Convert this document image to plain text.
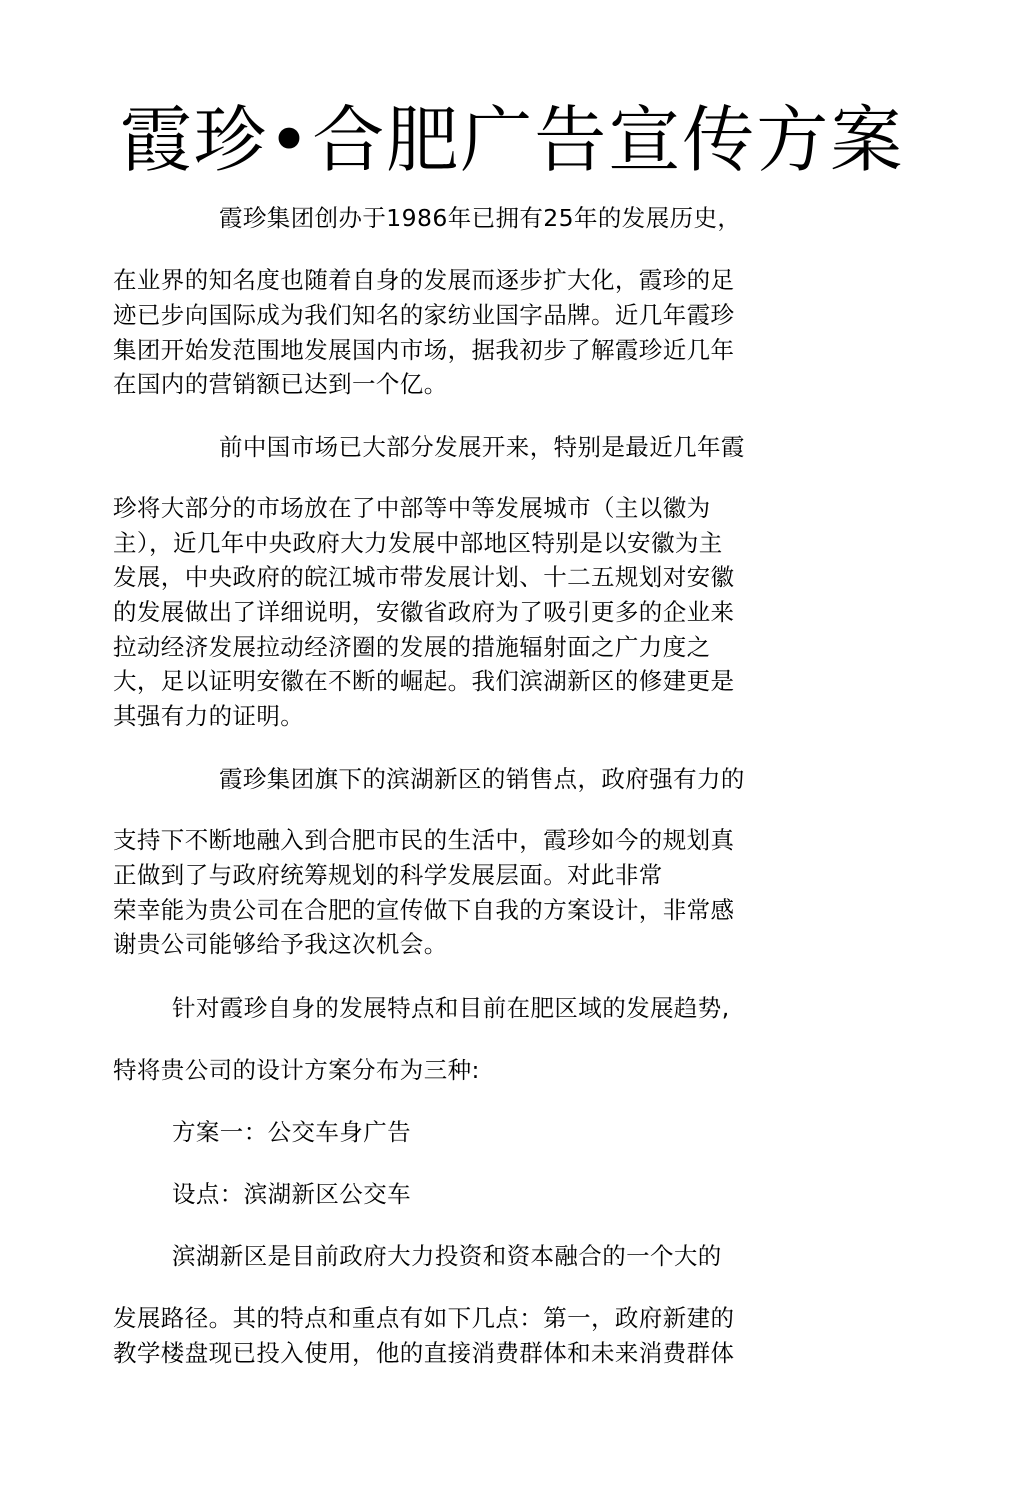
霞珍•合肥广告宣传方案
霞珍集团创办于1986年已拥有25年的发展历史，
在业界的知名度也随着自身的发展而逐步扩大化，霞珍的足
迹已步向国际成为我们知名的家纺业国字品牌。近几年霞珍
集团开始发范围地发展国内市场，据我初步了解霞珍近几年
在国内的营销额已达到一个亿。
前中国市场已大部分发展开来，特别是最近几年霞
珍将大部分的市场放在了中部等中等发展城市（主以徽为
主），近几年中央政府大力发展中部地区特别是以安徽为主
发展，中央政府的皖江城市带发展计划、十二五规划对安徽
的发展做出了详细说明，安徽省政府为了吸引更多的企业来
拉动经济发展拉动经济圈的发展的措施辐射面之广力度之
大，足以证明安徽在不断的崛起。我们滨湖新区的修建更是
其强有力的证明。
霞珍集团旗下的滨湖新区的销售点，政府强有力的
支持下不断地融入到合肥市民的生活中，霞珍如今的规划真
正做到了与政府统筹规划的科学发展层面。对此非常
荣幸能为贵公司在合肥的宣传做下自我的方案设计，非常感
谢贵公司能够给予我这次机会。
针对霞珍自身的发展特点和目前在肥区域的发展趋势,
特将贵公司的设计方案分布为三种:
方案一：公交车身广告
设点：滨湖新区公交车
滨湖新区是目前政府大力投资和资本融合的一个大的
发展路径。其的特点和重点有如下几点：第一，政府新建的
教学楼盘现已投入使用，他的直接消费群体和未来消费群体
